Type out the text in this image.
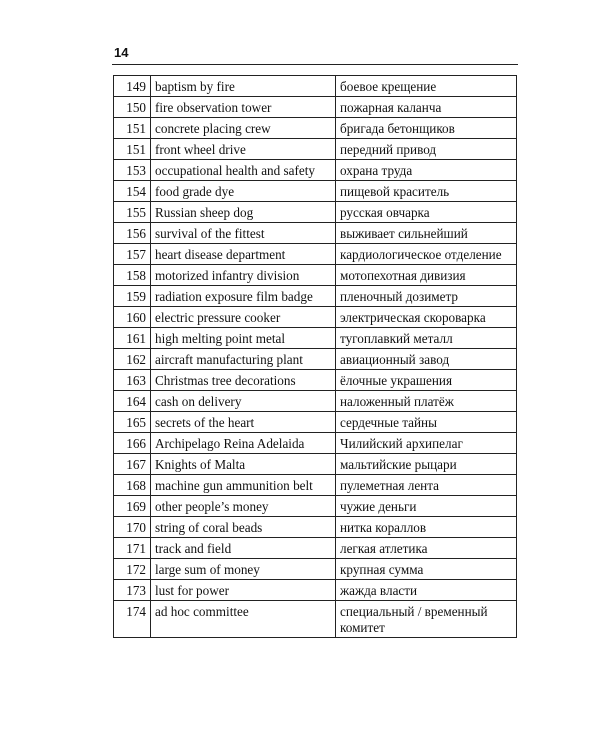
14
149	baptism by fire	боевое крещение
150	fire observation tower	пожарная каланча
151	concrete placing crew	бригада бетонщиков
151	front wheel drive	передний привод
153	occupational health and safety	охрана труда
154	food grade dye	пищевой краситель
155	Russian sheep dog	русская овчарка
156	survival of the fittest	выживает сильнейший
157	heart disease department	кардиологическое отделение
158	motorized infantry division	мотопехотная дивизия
159	radiation exposure film badge	пленочный дозиметр
160	electric pressure cooker	электрическая скороварка
161	high melting point metal	тугоплавкий металл
162	aircraft manufacturing plant	авиационный завод
163	Christmas tree decorations	ёлочные украшения
164	cash on delivery	наложенный платёж
165	secrets of the heart	сердечные тайны
166	Archipelago Reina Adelaida	Чилийский архипелаг
167	Knights of Malta	мальтийские рыцари
168	machine gun ammunition belt	пулеметная лента
169	other people’s money	чужие деньги
170	string of coral beads	нитка кораллов
171	track and field	легкая атлетика
172	large sum of money	крупная сумма
173	lust for power	жажда власти
174	ad hoc committee	специальный / временный комитет
